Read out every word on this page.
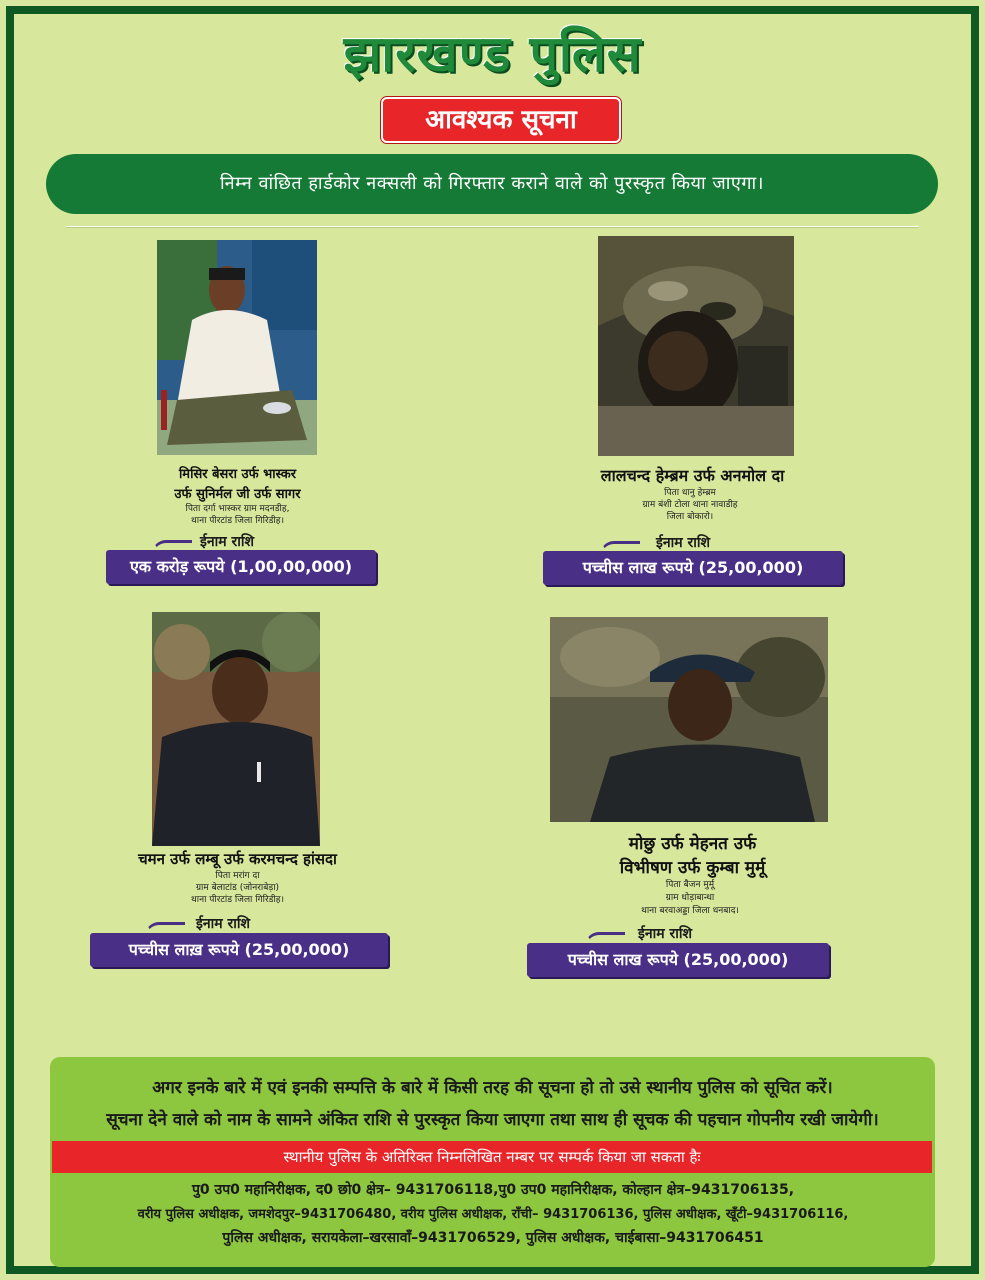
झारखण्ड पुलिस
आवश्यक सूचना
निम्न वांछित हार्डकोर नक्सली को गिरफ्तार कराने वाले को पुरस्कृत किया जाएगा।
मिसिर बेसरा उर्फ भास्कर
उर्फ सुनिर्मल जी उर्फ सागर
पिता दर्गा भास्कर ग्राम मदनडीह,
थाना पीरटांड जिला गिरिडीह।
ईनाम राशि
एक करोड़ रूपये (1,00,00,000)
लालचन्द हेम्ब्रम उर्फ अनमोल दा
पिता धानु हेम्ब्रम
ग्राम बंशी टोला थाना नावाडीह
जिला बोकारो।
ईनाम राशि
पच्चीस लाख रूपये (25,00,000)
चमन उर्फ लम्बू उर्फ करमचन्द हांसदा
पिता मरांग दा
ग्राम बेलाटांड (जोनराबेड़ा)
थाना पीरटांड जिला गिरिडीह।
ईनाम राशि
पच्चीस लाख़ रूपये (25,00,000)
मोछु उर्फ मेहनत उर्फ
विभीषण उर्फ कुम्बा मुर्मू
पिता बैजन मुर्मू
ग्राम धोड़ाबान्धा
थाना बरवाअड्डा जिला धनबाद।
ईनाम राशि
पच्चीस लाख रूपये (25,00,000)
अगर इनके बारे में एवं इनकी सम्पत्ति के बारे में किसी तरह की सूचना हो तो उसे स्थानीय पुलिस को सूचित करें।
सूचना देने वाले को नाम के सामने अंकित राशि से पुरस्कृत किया जाएगा तथा साथ ही सूचक की पहचान गोपनीय रखी जायेगी।
स्थानीय पुलिस के अतिरिक्त निम्नलिखित नम्बर पर सम्पर्क किया जा सकता हैः
पु0 उप0 महानिरीक्षक, द0 छो0 क्षेत्र– 9431706118,पु0 उप0 महानिरीक्षक, कोल्हान क्षेत्र–9431706135,
वरीय पुलिस अधीक्षक, जमशेदपुर–9431706480, वरीय पुलिस अधीक्षक, राँची– 9431706136, पुलिस अधीक्षक, खूँटी–9431706116,
पुलिस अधीक्षक, सरायकेला–खरसावाँ–9431706529, पुलिस अधीक्षक, चाईबासा–9431706451
